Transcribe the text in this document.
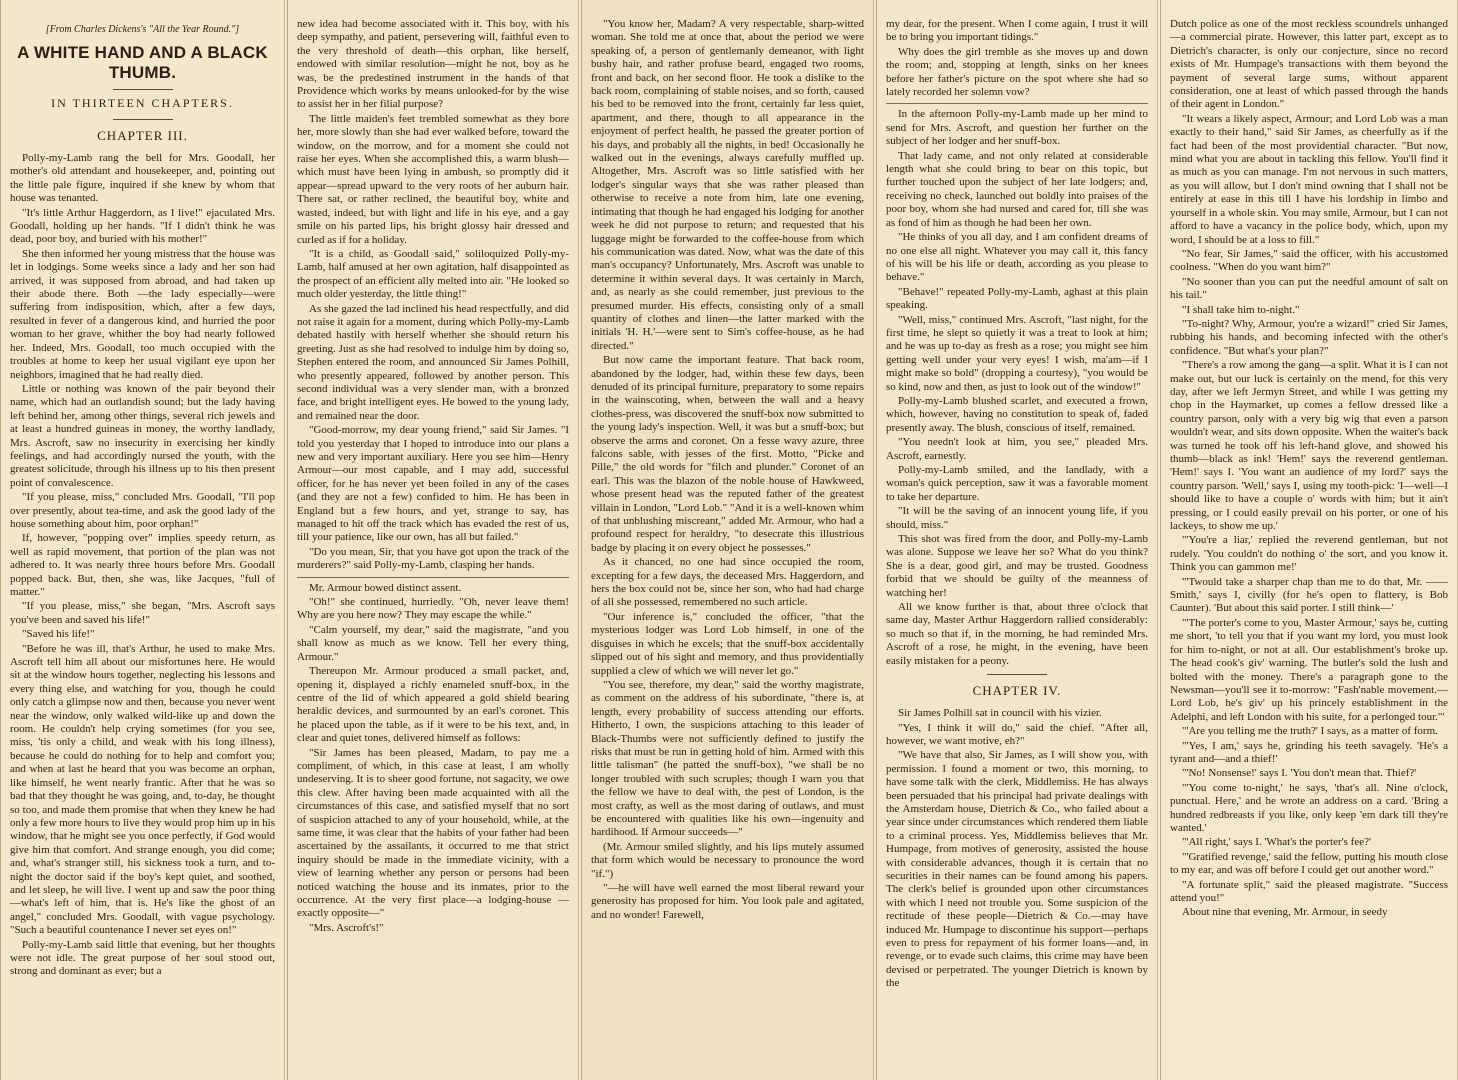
[From Charles Dickens's "All the Year Round."]
A WHITE HAND AND A BLACK THUMB.
IN THIRTEEN CHAPTERS.
CHAPTER III.

Polly-my-Lamb rang the bell for Mrs. Goodall, her mother's old attendant and housekeeper, and, pointing out the little pale figure, inquired if she knew by whom that house was tenanted.

"It's little Arthur Haggerdorn, as I live!" ejaculated Mrs. Goodall, holding up her hands. "If I didn't think he was dead, poor boy, and buried with his mother!"

She then informed her young mistress that the house was let in lodgings. Some weeks since a lady and her son had arrived, it was supposed from abroad, and had taken up their abode there. Both —the lady especially—were suffering from indisposition, which, after a few days, resulted in fever of a dangerous kind, and hurried the poor woman to her grave, whither the boy had nearly followed her. Indeed, Mrs. Goodall, too much occupied with the troubles at home to keep her usual vigilant eye upon her neighbors, imagined that he had really died.

Little or nothing was known of the pair beyond their name, which had an outlandish sound; but the lady having left behind her, among other things, several rich jewels and at least a hundred guineas in money, the worthy landlady, Mrs. Ascroft, saw no insecurity in exercising her kindly feelings, and had accordingly nursed the youth, with the greatest solicitude, through his illness up to his then present point of convalescence.

"If you please, miss," concluded Mrs. Goodall, "I'll pop over presently, about tea-time, and ask the good lady of the house something about him, poor orphan!"

If, however, "popping over" implies speedy return, as well as rapid movement, that portion of the plan was not adhered to. It was nearly three hours before Mrs. Goodall popped back. But, then, she was, like Jacques, "full of matter."

"If you please, miss," she began, "Mrs. Ascroft says you've been and saved his life!"

"Saved his life!"

"Before he was ill, that's Arthur, he used to make Mrs. Ascroft tell him all about our misfortunes here. He would sit at the window hours together, neglecting his lessons and every thing else, and watching for you, though he could only catch a glimpse now and then, because you never went near the window, only walked wild-like up and down the room. He couldn't help crying sometimes (for you see, miss, 'tis only a child, and weak with his long illness), because he could do nothing for to help and comfort you; and when at last he heard that you was become an orphan, like himself, he went nearly frantic. After that he was so bad that they thought he was going, and, to-day, he thought so too, and made them promise that when they knew he had only a few more hours to live they would prop him up in his window, that he might see you once perfectly, if God would give him that comfort. And strange enough, you did come; and, what's stranger still, his sickness took a turn, and to-night the doctor said if the boy's kept quiet, and soothed, and let sleep, he will live. I went up and saw the poor thing—what's left of him, that is. He's like the ghost of an angel," concluded Mrs. Goodall, with vague psychology. "Such a beautiful countenance I never set eyes on!"

Polly-my-Lamb said little that evening, but her thoughts were not idle. The great purpose of her soul stood out, strong and dominant as ever; but a

new idea had become associated with it. This boy, with his deep sympathy, and patient, persevering will, faithful even to the very threshold of death—this orphan, like herself, endowed with similar resolution—might he not, boy as he was, be the predestined instrument in the hands of that Providence which works by means unlooked-for by the wise to assist her in her filial purpose?

The little maiden's feet trembled somewhat as they bore her, more slowly than she had ever walked before, toward the window, on the morrow, and for a moment she could not raise her eyes. When she accomplished this, a warm blush—which must have been lying in ambush, so promptly did it appear—spread upward to the very roots of her auburn hair. There sat, or rather reclined, the beautiful boy, white and wasted, indeed, but with light and life in his eye, and a gay smile on his parted lips, his bright glossy hair dressed and curled as if for a holiday.

"It is a child, as Goodall said," soliloquized Polly-my-Lamb, half amused at her own agitation, half disappointed as the prospect of an efficient ally melted into air. "He looked so much older yesterday, the little thing!"

As she gazed the lad inclined his head respectfully, and did not raise it again for a moment, during which Polly-my-Lamb debated hastily with herself whether she should return his greeting. Just as she had resolved to indulge him by doing so, Stephen entered the room, and announced Sir James Polhill, who presently appeared, followed by another person. This second individual was a very slender man, with a bronzed face, and bright intelligent eyes. He bowed to the young lady, and remained near the door.

"Good-morrow, my dear young friend," said Sir James. "I told you yesterday that I hoped to introduce into our plans a new and very important auxiliary. Here you see him—Henry Armour—our most capable, and I may add, successful officer, for he has never yet been foiled in any of the cases (and they are not a few) confided to him. He has been in England but a few hours, and yet, strange to say, has managed to hit off the track which has evaded the rest of us, till your patience, like our own, has all but failed."

"Do you mean, Sir, that you have got upon the track of the murderers?" said Polly-my-Lamb, clasping her hands.

Mr. Armour bowed distinct assent.

"Oh!" she continued, hurriedly. "Oh, never leave them! Why are you here now? They may escape the while."

"Calm yourself, my dear," said the magistrate, "and you shall know as much as we know. Tell her every thing, Armour."

Thereupon Mr. Armour produced a small packet, and, opening it, displayed a richly enameled snuff-box, in the centre of the lid of which appeared a gold shield bearing heraldic devices, and surmounted by an earl's coronet. This he placed upon the table, as if it were to be his text, and, in clear and quiet tones, delivered himself as follows:

"Sir James has been pleased, Madam, to pay me a compliment, of which, in this case at least, I am wholly undeserving. It is to sheer good fortune, not sagacity, we owe this clew. After having been made acquainted with all the circumstances of this case, and satisfied myself that no sort of suspicion attached to any of your household, while, at the same time, it was clear that the habits of your father had been ascertained by the assailants, it occurred to me that strict inquiry should be made in the immediate vicinity, with a view of learning whether any person or persons had been noticed watching the house and its inmates, prior to the occurrence. At the very first place—a lodging-house —exactly opposite—"

"Mrs. Ascroft's!"

"You know her, Madam? A very respectable, sharp-witted woman. She told me at once that, about the period we were speaking of, a person of gentlemanly demeanor, with light bushy hair, and rather profuse beard, engaged two rooms, front and back, on her second floor. He took a dislike to the back room, complaining of stable noises, and so forth, caused his bed to be removed into the front, certainly far less quiet, apartment, and there, though to all appearance in the enjoyment of perfect health, he passed the greater portion of his days, and probably all the nights, in bed! Occasionally he walked out in the evenings, always carefully muffled up. Altogether, Mrs. Ascroft was so little satisfied with her lodger's singular ways that she was rather pleased than otherwise to receive a note from him, late one evening, intimating that though he had engaged his lodging for another week he did not purpose to return; and requested that his luggage might be forwarded to the coffee-house from which his communication was dated. Now, what was the date of this man's occupancy? Unfortunately, Mrs. Ascroft was unable to determine it within several days. It was certainly in March, and, as nearly as she could remember, just previous to the presumed murder. His effects, consisting only of a small quantity of clothes and linen—the latter marked with the initials 'H. H.'—were sent to Sim's coffee-house, as he had directed."

But now came the important feature. That back room, abandoned by the lodger, had, within these few days, been denuded of its principal furniture, preparatory to some repairs in the wainscoting, when, between the wall and a heavy clothes-press, was discovered the snuff-box now submitted to the young lady's inspection. Well, it was but a snuff-box; but observe the arms and coronet. On a fesse wavy azure, three falcons sable, with jesses of the first. Motto, "Picke and Pille," the old words for "filch and plunder." Coronet of an earl. This was the blazon of the noble house of Hawkweed, whose present head was the reputed father of the greatest villain in London, "Lord Lob." "And it is a well-known whim of that unblushing miscreant," added Mr. Armour, who had a profound respect for heraldry, "to desecrate this illustrious badge by placing it on every object he possesses."

As it chanced, no one had since occupied the room, excepting for a few days, the deceased Mrs. Haggerdorn, and hers the box could not be, since her son, who had had charge of all she possessed, remembered no such article.

"Our inference is," concluded the officer, "that the mysterious lodger was Lord Lob himself, in one of the disguises in which he excels; that the snuff-box accidentally slipped out of his sight and memory, and thus providentially supplied a clew of which we will never let go."

"You see, therefore, my dear," said the worthy magistrate, as comment on the address of his subordinate, "there is, at length, every probability of success attending our efforts. Hitherto, I own, the suspicions attaching to this leader of Black-Thumbs were not sufficiently defined to justify the risks that must be run in getting hold of him. Armed with this little talisman" (he patted the snuff-box), "we shall be no longer troubled with such scruples; though I warn you that the fellow we have to deal with, the pest of London, is the most crafty, as well as the most daring of outlaws, and must be encountered with qualities like his own—ingenuity and hardihood. If Armour succeeds—"

(Mr. Armour smiled slightly, and his lips mutely assumed that form which would be necessary to pronounce the word "if.")

"—he will have well earned the most liberal reward your generosity has proposed for him. You look pale and agitated, and no wonder! Farewell,

my dear, for the present. When I come again, I trust it will be to bring you important tidings."

Why does the girl tremble as she moves up and down the room; and, stopping at length, sinks on her knees before her father's picture on the spot where she had so lately recorded her solemn vow?

In the afternoon Polly-my-Lamb made up her mind to send for Mrs. Ascroft, and question her further on the subject of her lodger and her snuff-box.

That lady came, and not only related at considerable length what she could bring to bear on this topic, but further touched upon the subject of her late lodgers; and, receiving no check, launched out boldly into praises of the poor boy, whom she had nursed and cared for, till she was as fond of him as though he had been her own.

"He thinks of you all day, and I am confident dreams of no one else all night. Whatever you may call it, this fancy of his will be his life or death, according as you please to behave."

"Behave!" repeated Polly-my-Lamb, aghast at this plain speaking.

"Well, miss," continued Mrs. Ascroft, "last night, for the first time, he slept so quietly it was a treat to look at him; and he was up to-day as fresh as a rose; you might see him getting well under your very eyes! I wish, ma'am—if I might make so bold" (dropping a courtesy), "you would be so kind, now and then, as just to look out of the window!"

Polly-my-Lamb blushed scarlet, and executed a frown, which, however, having no constitution to speak of, faded presently away. The blush, conscious of itself, remained.

"You needn't look at him, you see," pleaded Mrs. Ascroft, earnestly.

Polly-my-Lamb smiled, and the landlady, with a woman's quick perception, saw it was a favorable moment to take her departure.

"It will be the saving of an innocent young life, if you should, miss."

This shot was fired from the door, and Polly-my-Lamb was alone. Suppose we leave her so? What do you think? She is a dear, good girl, and may be trusted. Goodness forbid that we should be guilty of the meanness of watching her!

All we know further is that, about three o'clock that same day, Master Arthur Haggerdorn rallied considerably: so much so that if, in the morning, he had reminded Mrs. Ascroft of a rose, he might, in the evening, have been easily mistaken for a peony.

CHAPTER IV.

Sir James Polhill sat in council with his vizier.

"Yes, I think it will do," said the chief. "After all, however, we want motive, eh?"

"We have that also, Sir James, as I will show you, with permission. I found a moment or two, this morning, to have some talk with the clerk, Middlemiss. He has always been persuaded that his principal had private dealings with the Amsterdam house, Dietrich & Co., who failed about a year since under circumstances which rendered them liable to a criminal process. Yes, Middlemiss believes that Mr. Humpage, from motives of generosity, assisted the house with considerable advances, though it is certain that no securities in their names can be found among his papers. The clerk's belief is grounded upon other circumstances with which I need not trouble you. Some suspicion of the rectitude of these people—Dietrich & Co.—may have induced Mr. Humpage to discontinue his support—perhaps even to press for repayment of his former loans—and, in revenge, or to evade such claims, this crime may have been devised or perpetrated. The younger Dietrich is known by the

Dutch police as one of the most reckless scoundrels unhanged—a commercial pirate. However, this latter part, except as to Dietrich's character, is only our conjecture, since no record exists of Mr. Humpage's transactions with them beyond the payment of several large sums, without apparent consideration, one at least of which passed through the hands of their agent in London."

"It wears a likely aspect, Armour; and Lord Lob was a man exactly to their hand," said Sir James, as cheerfully as if the fact had been of the most providential character. "But now, mind what you are about in tackling this fellow. You'll find it as much as you can manage. I'm not nervous in such matters, as you will allow, but I don't mind owning that I shall not be entirely at ease in this till I have his lordship in limbo and yourself in a whole skin. You may smile, Armour, but I can not afford to have a vacancy in the police body, which, upon my word, I should be at a loss to fill."

"No fear, Sir James," said the officer, with his accustomed coolness. "When do you want him?"

"No sooner than you can put the needful amount of salt on his tail."

"I shall take him to-night."

"To-night? Why, Armour, you're a wizard!" cried Sir James, rubbing his hands, and becoming infected with the other's confidence. "But what's your plan?"

"There's a row among the gang—a split. What it is I can not make out, but our luck is certainly on the mend, for this very day, after we left Jermyn Street, and while I was getting my chop in the Haymarket, up comes a fellow dressed like a country parson, only with a very big wig that even a parson wouldn't wear, and sits down opposite. When the waiter's back was turned he took off his left-hand glove, and showed his thumb—black as ink! 'Hem!' says the reverend gentleman. 'Hem!' says I. 'You want an audience of my lord?' says the country parson. 'Well,' says I, using my tooth-pick: 'I—well—I should like to have a couple o' words with him; but it ain't pressing, or I could easily prevail on his porter, or one of his lackeys, to show me up.'

"'You're a liar,' replied the reverend gentleman, but not rudely. 'You couldn't do nothing o' the sort, and you know it. Think you can gammon me!'

"'Twould take a sharper chap than me to do that, Mr. —— Smith,' says I, civilly (for he's open to flattery, is Bob Caunter). 'But about this said porter. I still think—'

"'The porter's come to you, Master Armour,' says he, cutting me short, 'to tell you that if you want my lord, you must look for him to-night, or not at all. Our establishment's broke up. The head cook's giv' warning. The butler's sold the lush and bolted with the money. There's a paragraph gone to the Newsman—you'll see it to-morrow: "Fash'nable movement.—Lord Lob, he's giv' up his princely establishment in the Adelphi, and left London with his suite, for a perlonged tour."'

"'Are you telling me the truth?' I says, as a matter of form.

"'Yes, I am,' says he, grinding his teeth savagely. 'He's a tyrant and—and a thief!'

"'No! Nonsense!' says I. 'You don't mean that. Thief?'

"'You come to-night,' he says, 'that's all. Nine o'clock, punctual. Here,' and he wrote an address on a card. 'Bring a hundred redbreasts if you like, only keep 'em dark till they're wanted.'

"'All right,' says I. 'What's the porter's fee?'

"'Gratified revenge,' said the fellow, putting his mouth close to my ear, and was off before I could get out another word."

"A fortunate split," said the pleased magistrate. "Success attend you!"

About nine that evening, Mr. Armour, in seedy
